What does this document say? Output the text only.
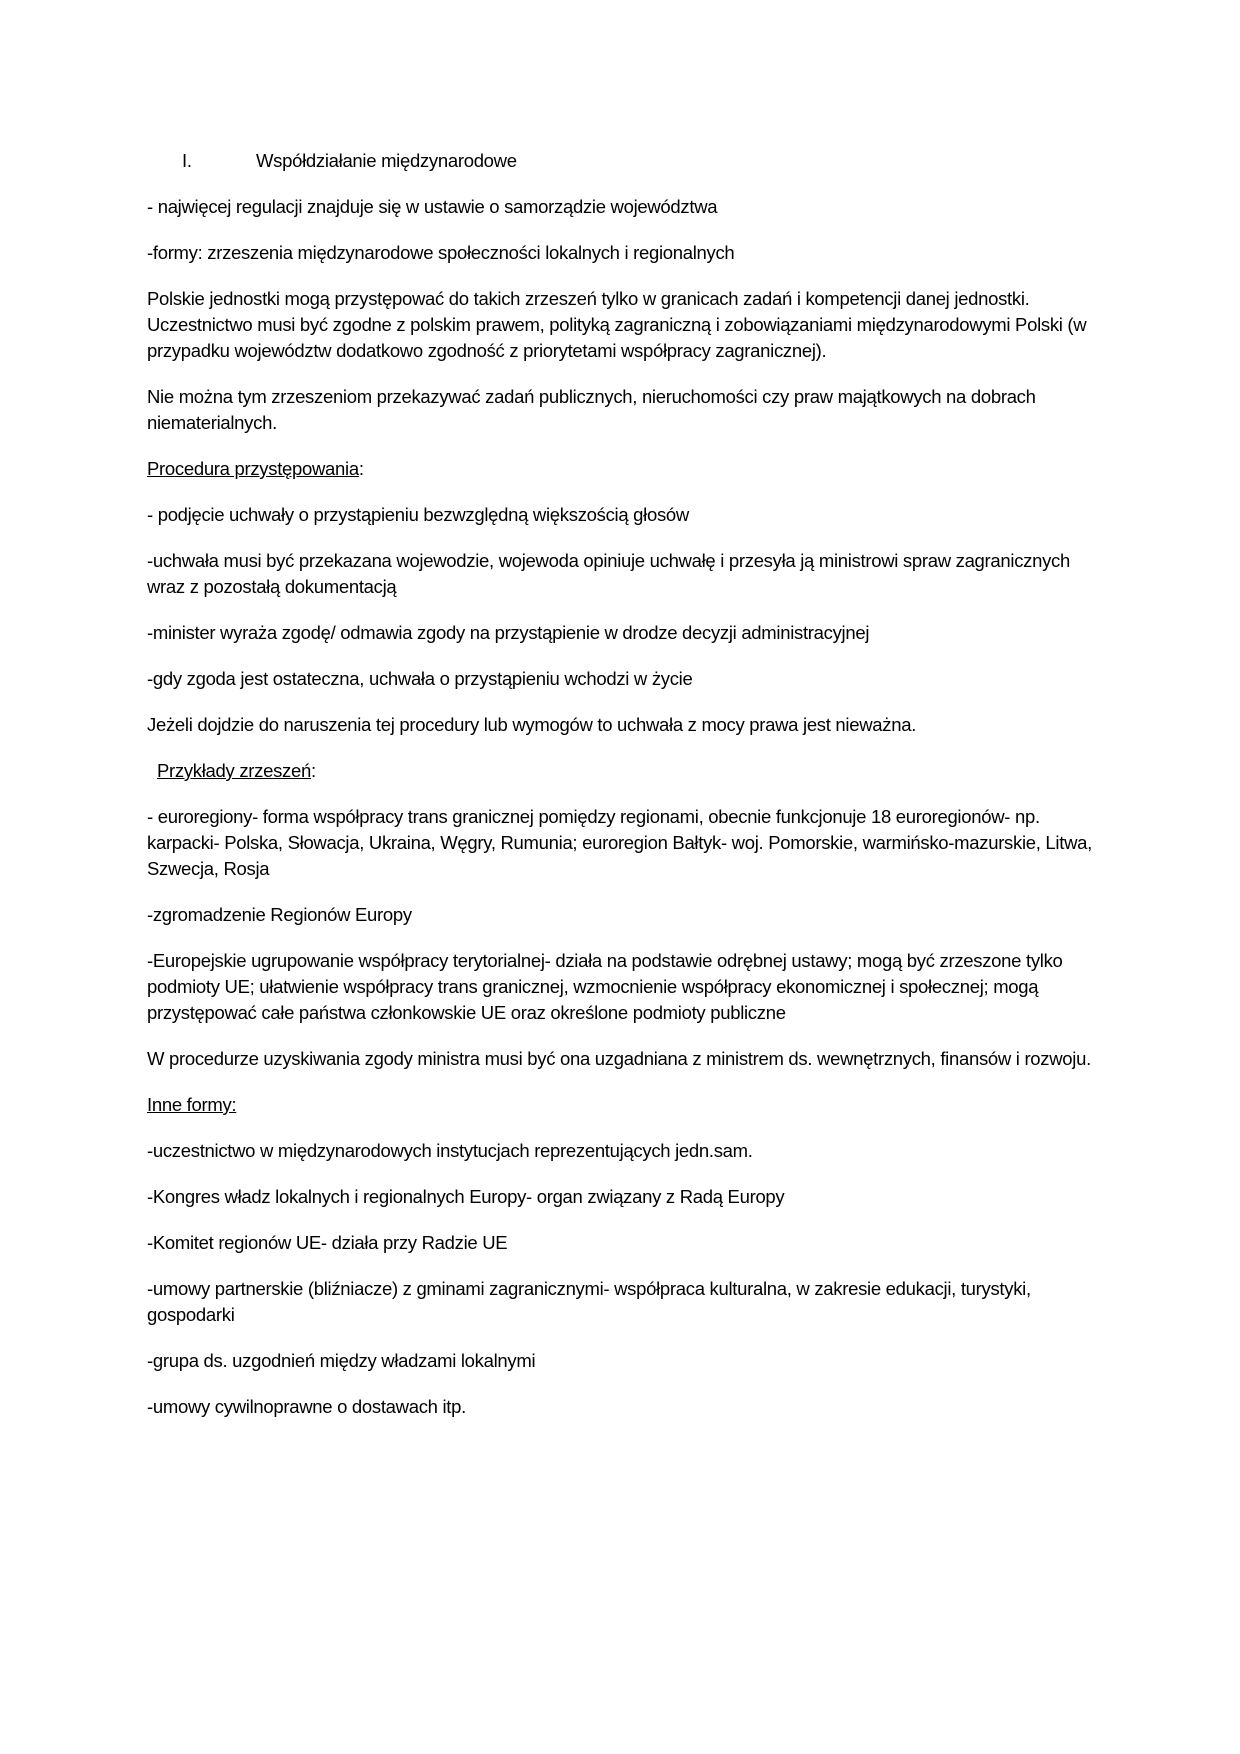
I.	Współdziałanie międzynarodowe

- najwięcej regulacji znajduje się w ustawie o samorządzie województwa

-formy: zrzeszenia międzynarodowe społeczności lokalnych i regionalnych

Polskie jednostki mogą przystępować do takich zrzeszeń tylko w granicach zadań i kompetencji danej jednostki. Uczestnictwo musi być zgodne z polskim prawem, polityką zagraniczną i zobowiązaniami międzynarodowymi Polski (w przypadku województw dodatkowo zgodność z priorytetami współpracy zagranicznej).

Nie można tym zrzeszeniom przekazywać zadań publicznych, nieruchomości czy praw majątkowych na dobrach niematerialnych.

Procedura przystępowania:

- podjęcie uchwały o przystąpieniu bezwzględną większością głosów

-uchwała musi być przekazana wojewodzie, wojewoda opiniuje uchwałę i przesyła ją ministrowi spraw zagranicznych wraz z pozostałą dokumentacją

-minister wyraża zgodę/ odmawia zgody na przystąpienie w drodze decyzji administracyjnej

-gdy zgoda jest ostateczna, uchwała o przystąpieniu wchodzi w życie

Jeżeli dojdzie do naruszenia tej procedury lub wymogów to uchwała z mocy prawa jest nieważna.

Przykłady zrzeszeń:

- euroregiony- forma współpracy trans granicznej pomiędzy regionami, obecnie funkcjonuje 18 euroregionów- np. karpacki- Polska, Słowacja, Ukraina, Węgry, Rumunia; euroregion Bałtyk- woj. Pomorskie, warmińsko-mazurskie, Litwa, Szwecja, Rosja

-zgromadzenie Regionów Europy

-Europejskie ugrupowanie współpracy terytorialnej- działa na podstawie odrębnej ustawy; mogą być zrzeszone tylko podmioty UE; ułatwienie współpracy trans granicznej, wzmocnienie współpracy ekonomicznej i społecznej; mogą przystępować całe państwa członkowskie UE oraz określone podmioty publiczne

W procedurze uzyskiwania zgody ministra musi być ona uzgadniana z ministrem ds. wewnętrznych, finansów i rozwoju.

Inne formy:

-uczestnictwo w międzynarodowych instytucjach reprezentujących jedn.sam.

-Kongres władz lokalnych i regionalnych Europy- organ związany z Radą Europy

-Komitet regionów UE- działa przy Radzie UE

-umowy partnerskie (bliźniacze) z gminami zagranicznymi- współpraca kulturalna, w zakresie edukacji, turystyki, gospodarki

-grupa ds. uzgodnień między władzami lokalnymi

-umowy cywilnoprawne o dostawach itp.
